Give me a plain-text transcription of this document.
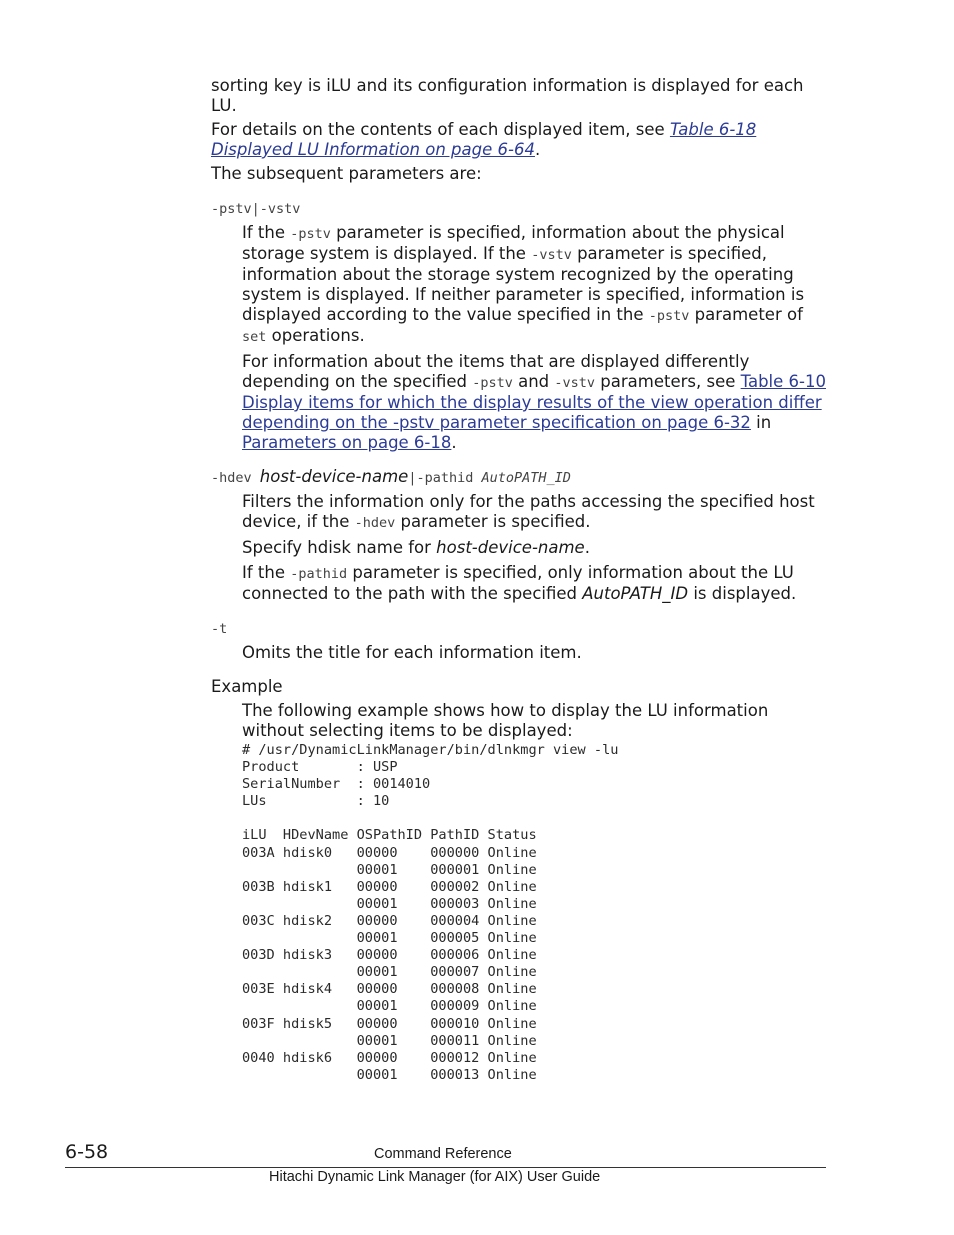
sorting key is iLU and its configuration information is displayed for each LU.

For details on the contents of each displayed item, see Table 6-18 Displayed LU Information on page 6-64.

The subsequent parameters are:

-pstv|-vstv

If the -pstv parameter is specified, information about the physical storage system is displayed. If the -vstv parameter is specified, information about the storage system recognized by the operating system is displayed. If neither parameter is specified, information is displayed according to the value specified in the -pstv parameter of set operations.

For information about the items that are displayed differently depending on the specified -pstv and -vstv parameters, see Table 6-10 Display items for which the display results of the view operation differ depending on the -pstv parameter specification on page 6-32 in Parameters on page 6-18.

-hdev host-device-name|-pathid AutoPATH_ID

Filters the information only for the paths accessing the specified host device, if the -hdev parameter is specified.

Specify hdisk name for host-device-name.

If the -pathid parameter is specified, only information about the LU connected to the path with the specified AutoPATH_ID is displayed.

-t

Omits the title for each information item.

Example

The following example shows how to display the LU information without selecting items to be displayed:

# /usr/DynamicLinkManager/bin/dlnkmgr view -lu
Product       : USP
SerialNumber  : 0014010
LUs           : 10

iLU  HDevName OSPathID PathID Status
003A hdisk0   00000    000000 Online
00001    000001 Online
003B hdisk1   00000    000002 Online
00001    000003 Online
003C hdisk2   00000    000004 Online
00001    000005 Online
003D hdisk3   00000    000006 Online
00001    000007 Online
003E hdisk4   00000    000008 Online
00001    000009 Online
003F hdisk5   00000    000010 Online
00001    000011 Online
0040 hdisk6   00000    000012 Online
00001    000013 Online
6-58	Command Reference
Hitachi Dynamic Link Manager (for AIX) User Guide
